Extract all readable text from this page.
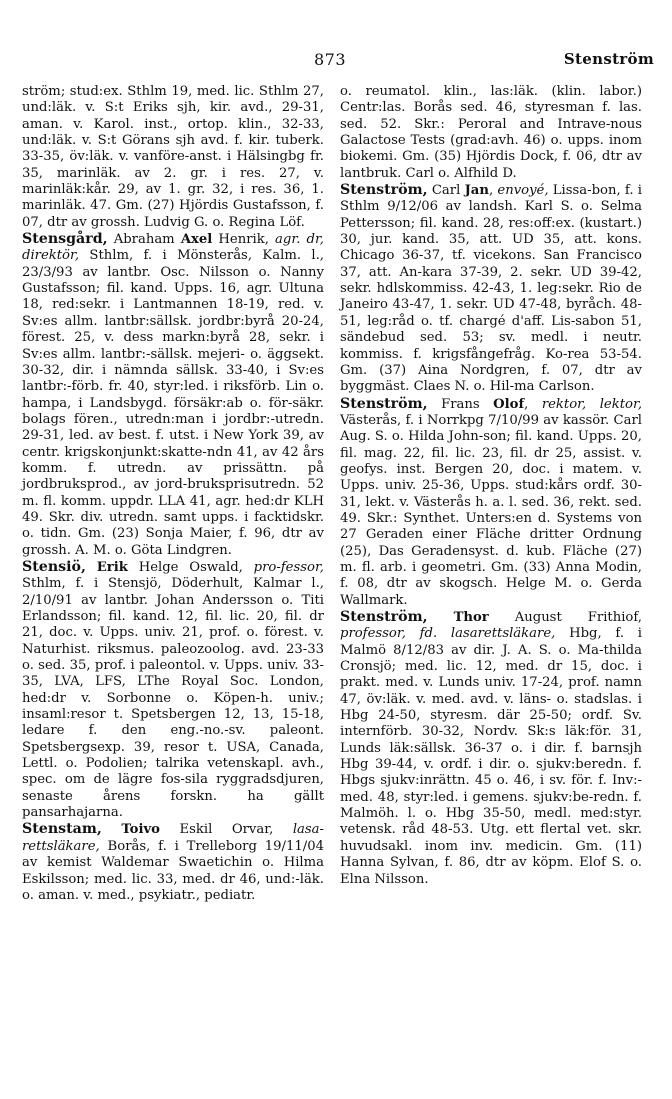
873	Stenström

ström; stud:ex. Sthlm 19, med. lic. Sthlm 27, und:läk. v. S:t Eriks sjh, kir. avd., 29-31, aman. v. Karol. inst., ortop. klin., 32-33, und:läk. v. S:t Görans sjh avd. f. kir. tuberk. 33-35, öv:läk. v. vanföre-anst. i Hälsingbg fr. 35, marinläk. av 2. gr. i res. 27, v. marinläk:kår. 29, av 1. gr. 32, i res. 36, 1. marinläk. 47. Gm. (27) Hjördis Gustafsson, f. 07, dtr av grossh. Ludvig G. o. Regina Löf.

Stensgård, Abraham Axel Henrik, agr. dr, direktör, Sthlm, f. i Mönsterås, Kalm. l., 23/3/93 av lantbr. Osc. Nilsson o. Nanny Gustafsson; fil. kand. Upps. 16, agr. Ultuna 18, red:sekr. i Lantmannen 18-19, red. v. Sv:es allm. lantbr:sällsk. jordbr:byrå 20-24, förest. 25, v. dess markn:byrå 28, sekr. i Sv:es allm. lantbr:-sällsk. mejeri- o. äggsekt. 30-32, dir. i nämnda sällsk. 33-40, i Sv:es lantbr:-förb. fr. 40, styr:led. i riksförb. Lin o. hampa, i Landsbygd. försäkr:ab o. för-säkr. bolags fören., utredn:man i jordbr:-utredn. 29-31, led. av best. f. utst. i New York 39, av centr. krigskonjunkt:skatte-ndn 41, av 42 års komm. f. utredn. av prissättn. på jordbruksprod., av jord-bruksprisutredn. 52 m. fl. komm. uppdr. LLA 41, agr. hed:dr KLH 49. Skr. div. utredn. samt upps. i facktidskr. o. tidn. Gm. (23) Sonja Maier, f. 96, dtr av grossh. A. M. o. Göta Lindgren.

Stensiö, Erik Helge Oswald, pro-fessor, Sthlm, f. i Stensjö, Döderhult, Kalmar l., 2/10/91 av lantbr. Johan Andersson o. Titi Erlandsson; fil. kand. 12, fil. lic. 20, fil. dr 21, doc. v. Upps. univ. 21, prof. o. förest. v. Naturhist. riksmus. paleozoolog. avd. 23-33 o. sed. 35, prof. i paleontol. v. Upps. univ. 33-35, LVA, LFS, LThe Royal Soc. London, hed:dr v. Sorbonne o. Köpen-h. univ.; insaml:resor t. Spetsbergen 12, 13, 15-18, ledare f. den eng.-no.-sv. paleont. Spetsbergsexp. 39, resor t. USA, Canada, Lettl. o. Podolien; talrika vetenskapl. avh., spec. om de lägre fos-sila ryggradsdjuren, senaste årens forskn. ha gällt pansarhajarna.

Stenstam, Toivo Eskil Orvar, lasa-rettsläkare, Borås, f. i Trelleborg 19/11/04 av kemist Waldemar Swaetichin o. Hilma Eskilsson; med. lic. 33, med. dr 46, und:-läk. o. aman. v. med., psykiatr., pediatr.

o. reumatol. klin., las:läk. (klin. labor.) Centr:las. Borås sed. 46, styresman f. las. sed. 52. Skr.: Peroral and Intrave-nous Galactose Tests (grad:avh. 46) o. upps. inom biokemi. Gm. (35) Hjördis Dock, f. 06, dtr av lantbruk. Carl o. Alfhild D.

Stenström, Carl Jan, envoyé, Lissa-bon, f. i Sthlm 9/12/06 av landsh. Karl S. o. Selma Pettersson; fil. kand. 28, res:off:ex. (kustart.) 30, jur. kand. 35, att. UD 35, att. kons. Chicago 36-37, tf. vicekons. San Francisco 37, att. An-kara 37-39, 2. sekr. UD 39-42, sekr. hdlskommiss. 42-43, 1. leg:sekr. Rio de Janeiro 43-47, 1. sekr. UD 47-48, byråch. 48-51, leg:råd o. tf. chargé d'aff. Lis-sabon 51, sändebud sed. 53; sv. medl. i neutr. kommiss. f. krigsfångefråg. Ko-rea 53-54. Gm. (37) Aina Nordgren, f. 07, dtr av byggmäst. Claes N. o. Hil-ma Carlson.

Stenström, Frans Olof, rektor, lektor, Västerås, f. i Norrkpg 7/10/99 av kassör. Carl Aug. S. o. Hilda John-son; fil. kand. Upps. 20, fil. mag. 22, fil. lic. 23, fil. dr 25, assist. v. geofys. inst. Bergen 20, doc. i matem. v. Upps. univ. 25-36, Upps. stud:kårs ordf. 30-31, lekt. v. Västerås h. a. l. sed. 36, rekt. sed. 49. Skr.: Synthet. Unters:en d. Systems von 27 Geraden einer Fläche dritter Ordnung (25), Das Geradensyst. d. kub. Fläche (27) m. fl. arb. i geometri. Gm. (33) Anna Modin, f. 08, dtr av skogsch. Helge M. o. Gerda Wallmark.

Stenström, Thor August Frithiof, professor, fd. lasarettsläkare, Hbg, f. i Malmö 8/12/83 av dir. J. A. S. o. Ma-thilda Cronsjö; med. lic. 12, med. dr 15, doc. i prakt. med. v. Lunds univ. 17-24, prof. namn 47, öv:läk. v. med. avd. v. läns- o. stadslas. i Hbg 24-50, styresm. där 25-50; ordf. Sv. internförb. 30-32, Nordv. Sk:s läk:för. 31, Lunds läk:sällsk. 36-37 o. i dir. f. barnsjh Hbg 39-44, v. ordf. i dir. o. sjukv:beredn. f. Hbgs sjukv:inrättn. 45 o. 46, i sv. för. f. Inv:-med. 48, styr:led. i gemens. sjukv:be-redn. f. Malmöh. l. o. Hbg 35-50, medl. med:styr. vetensk. råd 48-53. Utg. ett flertal vet. skr. huvudsakl. inom inv. medicin. Gm. (11) Hanna Sylvan, f. 86, dtr av köpm. Elof S. o. Elna Nilsson.
